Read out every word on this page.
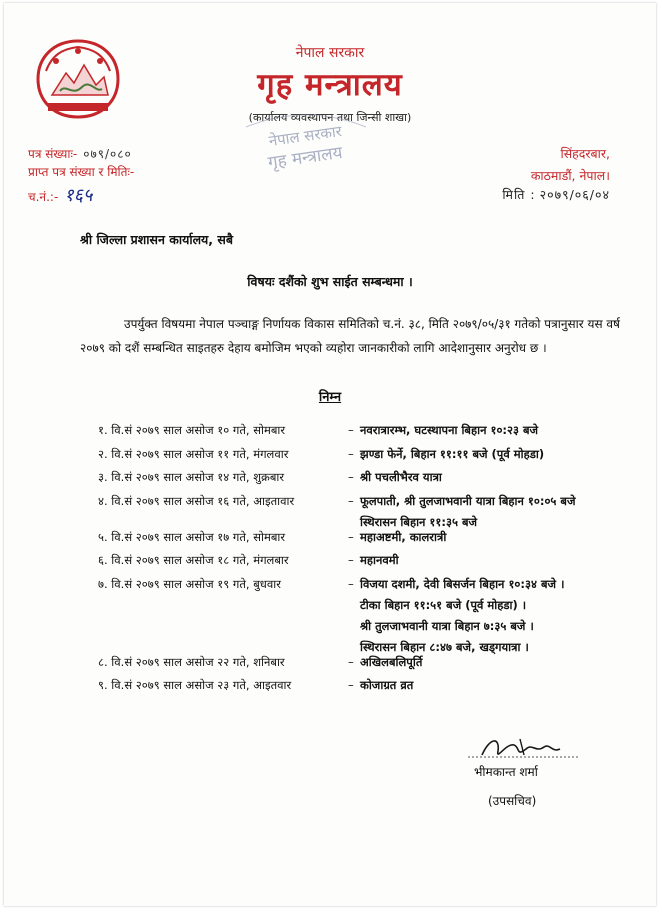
नेपाल सरकार
गृह मन्त्रालय
(कार्यालय व्यवस्थापन तथा जिन्सी शाखा)
नेपाल सरकार
गृह मन्त्रालय
पत्र संख्याः- ०७९/०८०
प्राप्त पत्र संख्या र मितिः-
च.नं.:- १६५
सिंहदरबार,
काठमाडौं, नेपाल।
मिति : २०७९/०६/०४
श्री जिल्ला प्रशासन कार्यालय, सबै
विषयः दशैंको शुभ साईत सम्बन्धमा ।
उपर्युक्त विषयमा नेपाल पञ्चाङ्ग निर्णायक विकास समितिको च.नं. ३८, मिति २०७९/०५/३१ गतेको पत्रानुसार यस वर्ष २०७९ को दशैं सम्बन्धित साइतहरु देहाय बमोजिम भएको व्यहोरा जानकारीको लागि आदेशानुसार अनुरोध छ ।
निम्न
१. वि.सं २०७९ साल असोज १० गते, सोमबार	– नवरात्रारम्भ, घटस्थापना बिहान १०:२३ बजे
२. वि.सं २०७९ साल असोज ११ गते, मंगलवार	– झण्डा फेर्ने, बिहान ११:११ बजे (पूर्व मोहडा)
३. वि.सं २०७९ साल असोज १४ गते, शुक्रबार	– श्री पचलीभैरव यात्रा
४. वि.सं २०७९ साल असोज १६ गते, आइतावार	– फूलपाती, श्री तुलजाभवानी यात्रा बिहान १०:०५ बजे
स्थिरासन बिहान ११:३५ बजे
५. वि.सं २०७९ साल असोज १७ गते, सोमबार	– महाअष्टमी, कालरात्री
६. वि.सं २०७९ साल असोज १८ गते, मंगलबार	– महानवमी
७. वि.सं २०७९ साल असोज १९ गते, बुधवार	– विजया दशमी, देवी बिसर्जन बिहान १०:३४ बजे ।
टीका बिहान ११:५१ बजे (पूर्व मोहडा) ।
श्री तुलजाभवानी यात्रा बिहान ७:३५ बजे ।
स्थिरासन बिहान ८:४७ बजे, खड्गयात्रा ।
८. वि.सं २०७९ साल असोज २२ गते, शनिबार	– अखिलबलिपूर्ति
९. वि.सं २०७९ साल असोज २३ गते, आइतवार	– कोजाग्रत व्रत
भीमकान्त शर्मा
(उपसचिव)
